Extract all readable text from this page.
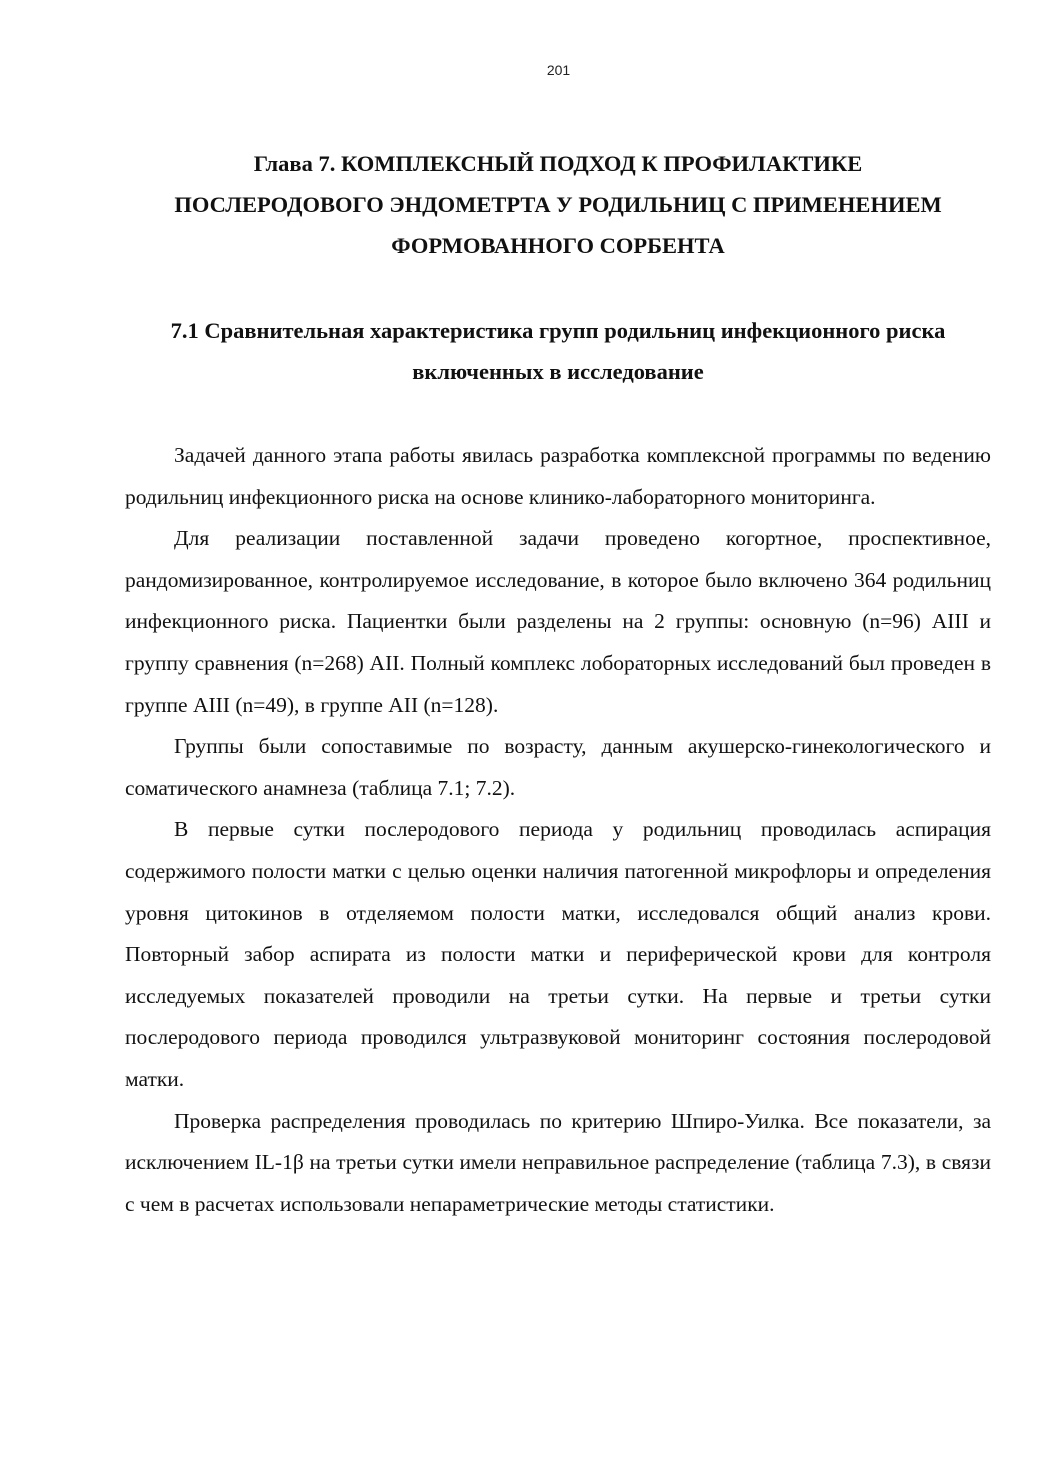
201
Глава 7. КОМПЛЕКСНЫЙ ПОДХОД К ПРОФИЛАКТИКЕ
ПОСЛЕРОДОВОГО ЭНДОМЕТРТА У РОДИЛЬНИЦ С ПРИМЕНЕНИЕМ
ФОРМОВАННОГО СОРБЕНТА
7.1 Сравнительная характеристика групп родильниц инфекционного риска
включенных в исследование

Задачей данного этапа работы явилась разработка комплексной программы по ведению родильниц инфекционного риска на основе клинико-лабораторного мониторинга.

Для реализации поставленной задачи проведено когортное, проспективное, рандомизированное, контролируемое исследование, в которое было включено 364 родильниц инфекционного риска. Пациентки были разделены на 2 группы: основную (n=96) АIII и группу сравнения (n=268) АII. Полный комплекс лобораторных исследований был проведен в группе АIII (n=49), в группе АII (n=128).

Группы были сопоставимые по возрасту, данным акушерско-гинекологического и соматического анамнеза (таблица 7.1; 7.2).

В первые сутки послеродового периода у родильниц проводилась аспирация содержимого полости матки с целью оценки наличия патогенной микрофлоры и определения уровня цитокинов в отделяемом полости матки, исследовался общий анализ крови. Повторный забор аспирата из полости матки и периферической крови для контроля исследуемых показателей проводили на третьи сутки. На первые и третьи сутки послеродового периода проводился ультразвуковой мониторинг состояния послеродовой матки.

Проверка распределения проводилась по критерию Шпиро-Уилка. Все показатели, за исключением IL-1β на третьи сутки имели неправильное распределение (таблица 7.3), в связи с чем в расчетах использовали непараметрические методы статистики.
